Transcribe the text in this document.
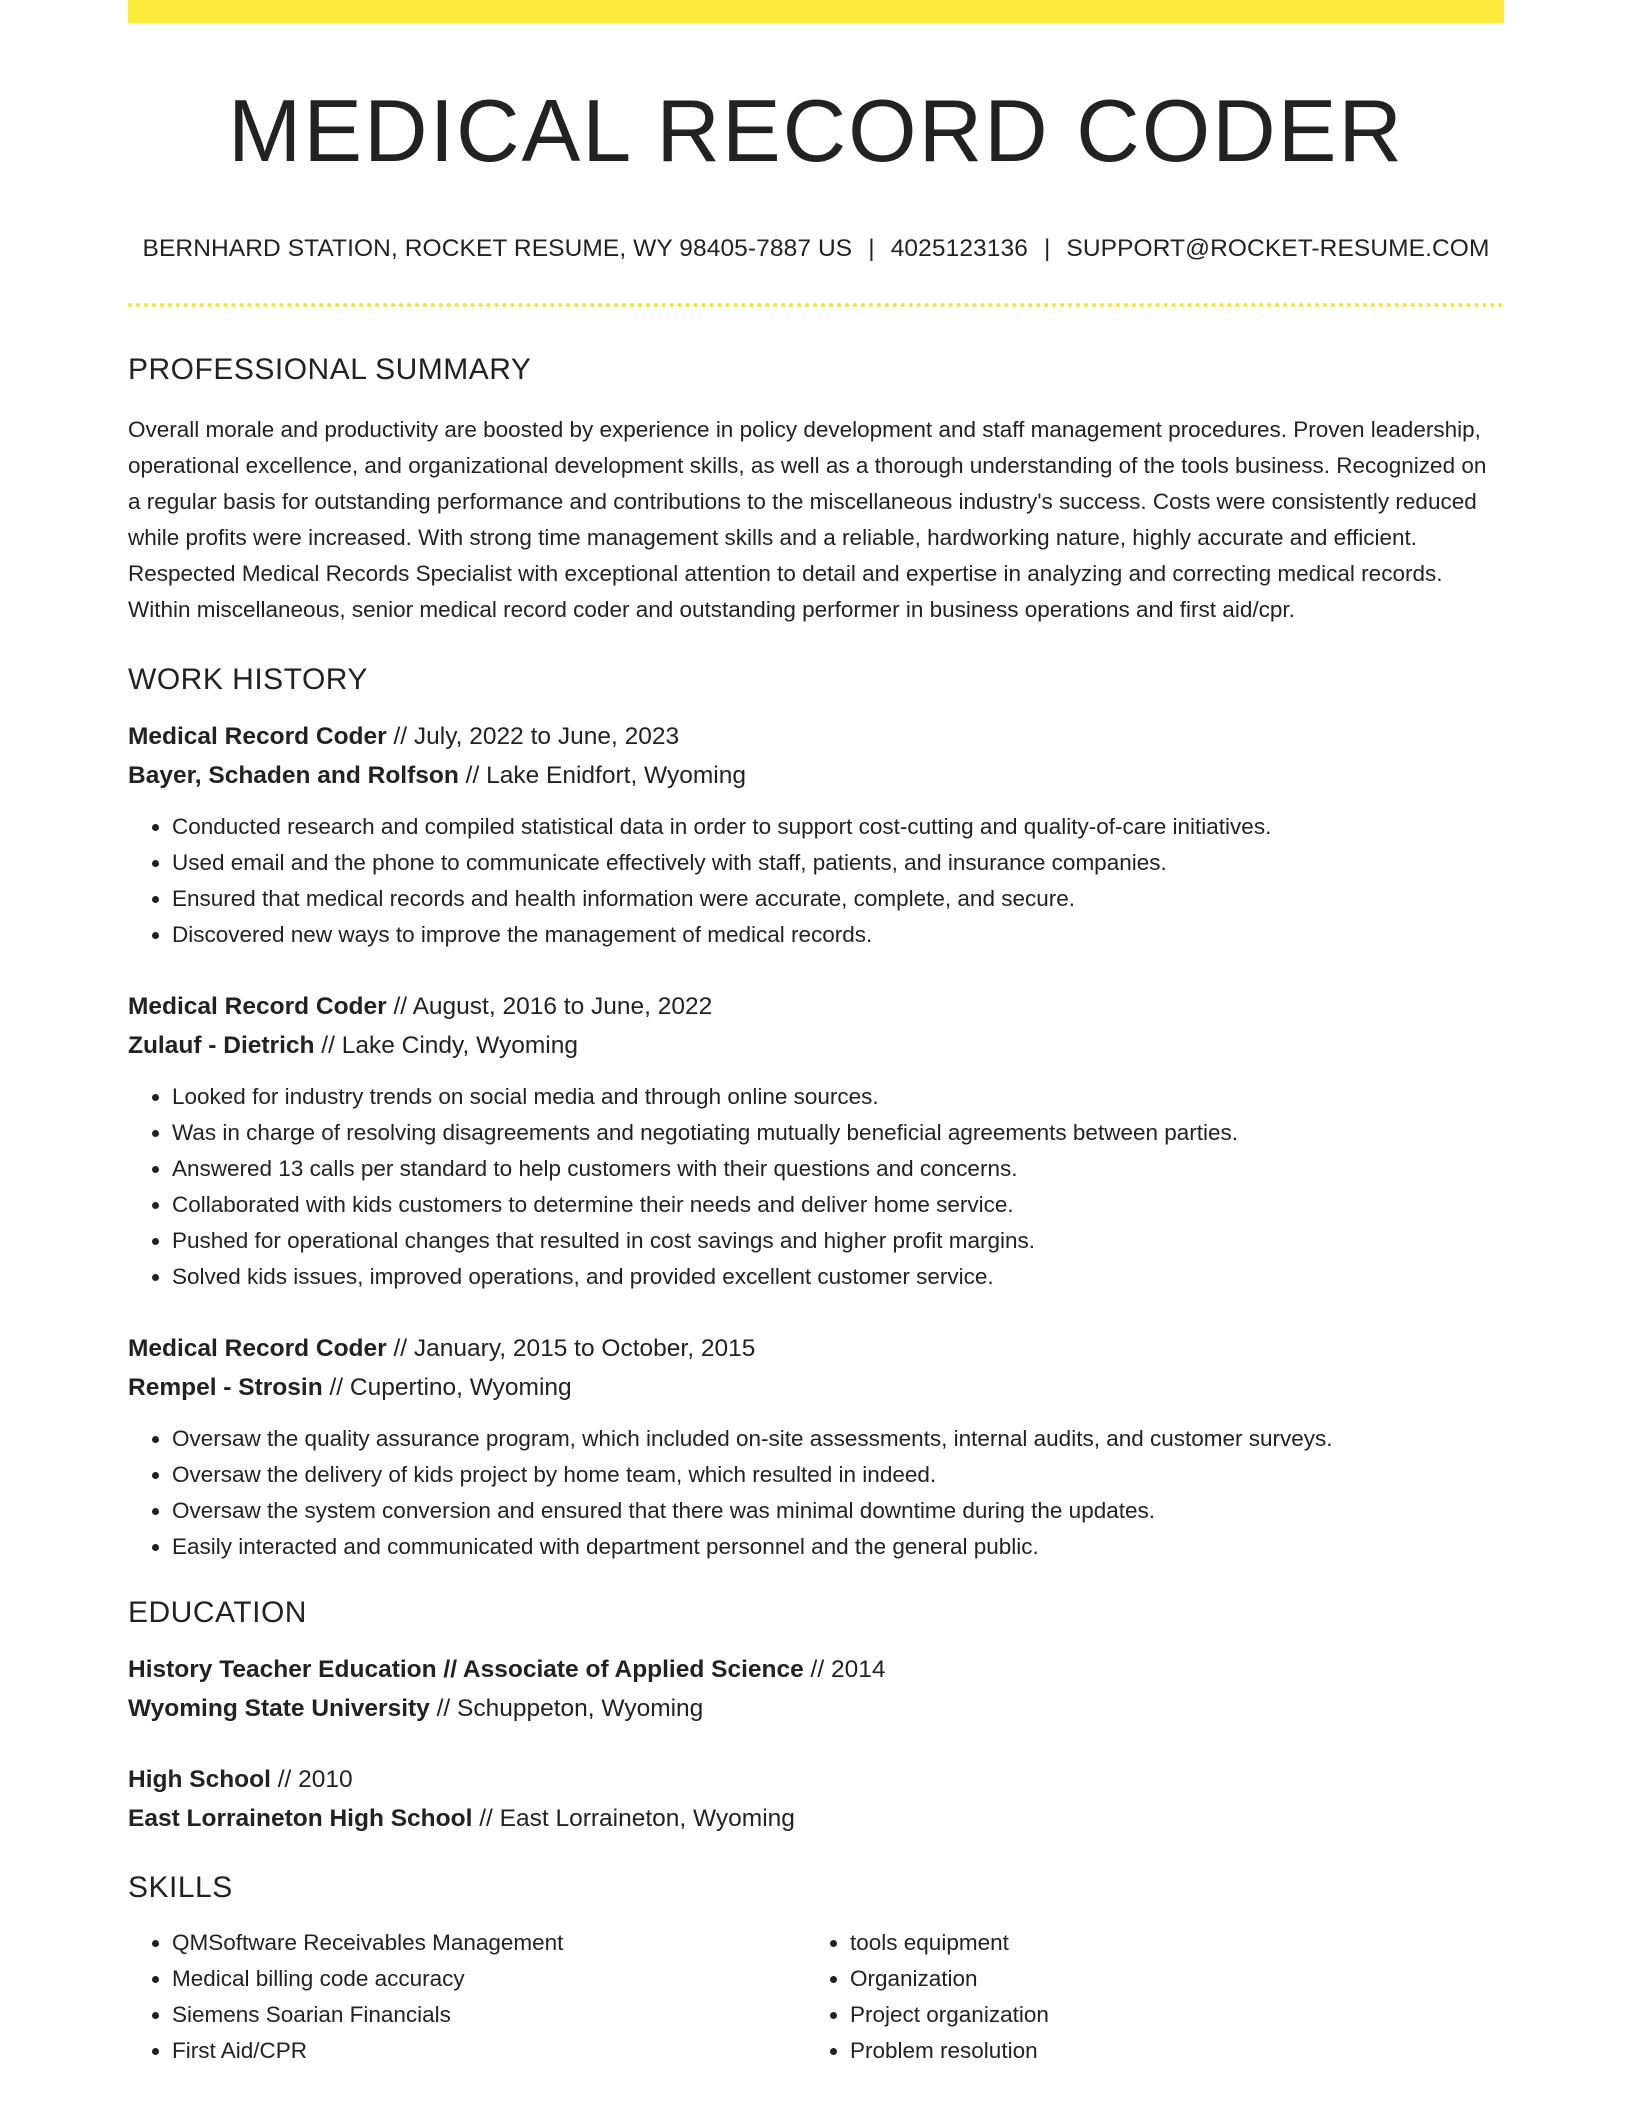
MEDICAL RECORD CODER
BERNHARD STATION, ROCKET RESUME, WY 98405-7887 US | 4025123136 | SUPPORT@ROCKET-RESUME.COM
PROFESSIONAL SUMMARY

Overall morale and productivity are boosted by experience in policy development and staff management procedures. Proven leadership, operational excellence, and organizational development skills, as well as a thorough understanding of the tools business. Recognized on a regular basis for outstanding performance and contributions to the miscellaneous industry's success. Costs were consistently reduced while profits were increased. With strong time management skills and a reliable, hardworking nature, highly accurate and efficient. Respected Medical Records Specialist with exceptional attention to detail and expertise in analyzing and correcting medical records. Within miscellaneous, senior medical record coder and outstanding performer in business operations and first aid/cpr.

WORK HISTORY
Medical Record Coder // July, 2022 to June, 2023
Bayer, Schaden and Rolfson // Lake Enidfort, Wyoming
• Conducted research and compiled statistical data in order to support cost-cutting and quality-of-care initiatives.
• Used email and the phone to communicate effectively with staff, patients, and insurance companies.
• Ensured that medical records and health information were accurate, complete, and secure.
• Discovered new ways to improve the management of medical records.
Medical Record Coder // August, 2016 to June, 2022
Zulauf - Dietrich // Lake Cindy, Wyoming
• Looked for industry trends on social media and through online sources.
• Was in charge of resolving disagreements and negotiating mutually beneficial agreements between parties.
• Answered 13 calls per standard to help customers with their questions and concerns.
• Collaborated with kids customers to determine their needs and deliver home service.
• Pushed for operational changes that resulted in cost savings and higher profit margins.
• Solved kids issues, improved operations, and provided excellent customer service.
Medical Record Coder // January, 2015 to October, 2015
Rempel - Strosin // Cupertino, Wyoming
• Oversaw the quality assurance program, which included on-site assessments, internal audits, and customer surveys.
• Oversaw the delivery of kids project by home team, which resulted in indeed.
• Oversaw the system conversion and ensured that there was minimal downtime during the updates.
• Easily interacted and communicated with department personnel and the general public.
EDUCATION
History Teacher Education // Associate of Applied Science // 2014
Wyoming State University // Schuppeton, Wyoming
High School // 2010
East Lorraineton High School // East Lorraineton, Wyoming
SKILLS
• QMSoftware Receivables Management
• Medical billing code accuracy
• Siemens Soarian Financials
• First Aid/CPR
• tools equipment
• Organization
• Project organization
• Problem resolution
